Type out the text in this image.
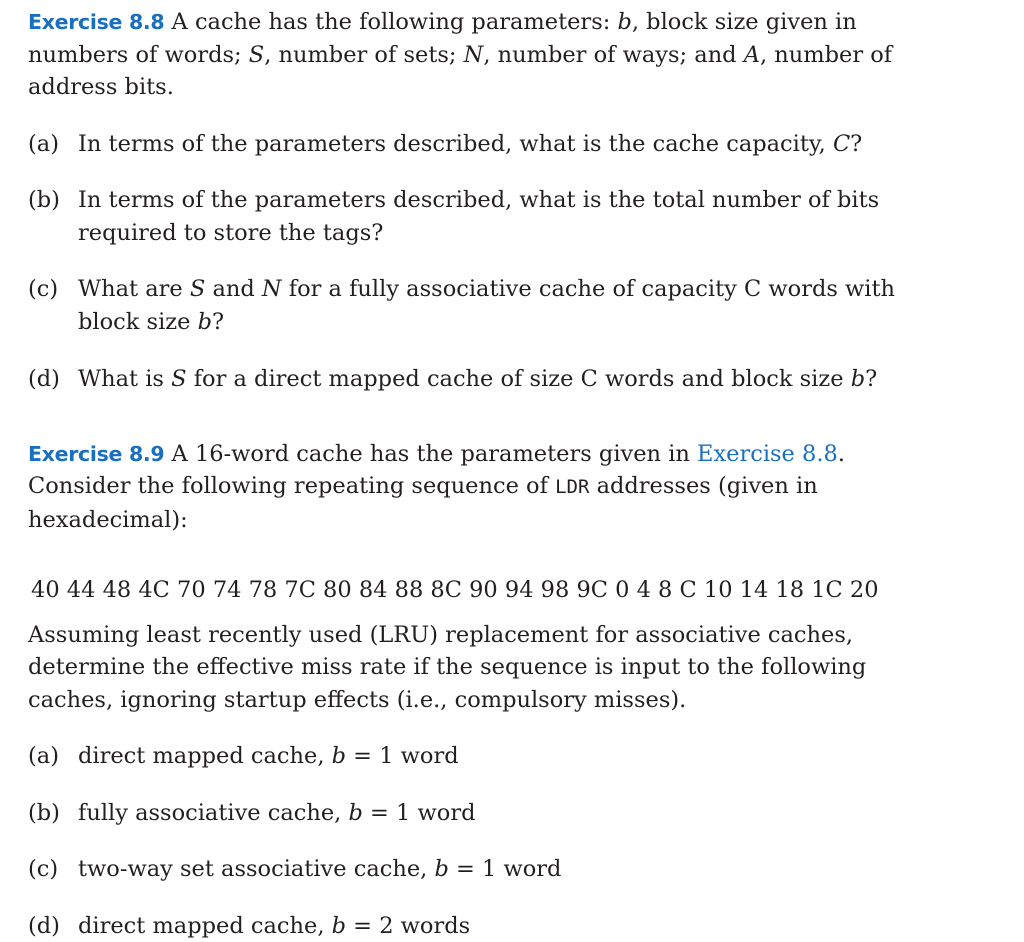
Exercise 8.8 A cache has the following parameters: b, block size given in numbers of words; S, number of sets; N, number of ways; and A, number of address bits.

(a) In terms of the parameters described, what is the cache capacity, C?
(b) In terms of the parameters described, what is the total number of bits required to store the tags?
(c) What are S and N for a fully associative cache of capacity C words with block size b?
(d) What is S for a direct mapped cache of size C words and block size b?

Exercise 8.9 A 16-word cache has the parameters given in Exercise 8.8. Consider the following repeating sequence of LDR addresses (given in hexadecimal):

40 44 48 4C 70 74 78 7C 80 84 88 8C 90 94 98 9C 0 4 8 C 10 14 18 1C 20

Assuming least recently used (LRU) replacement for associative caches, determine the effective miss rate if the sequence is input to the following caches, ignoring startup effects (i.e., compulsory misses).

(a) direct mapped cache, b = 1 word
(b) fully associative cache, b = 1 word
(c) two-way set associative cache, b = 1 word
(d) direct mapped cache, b = 2 words
